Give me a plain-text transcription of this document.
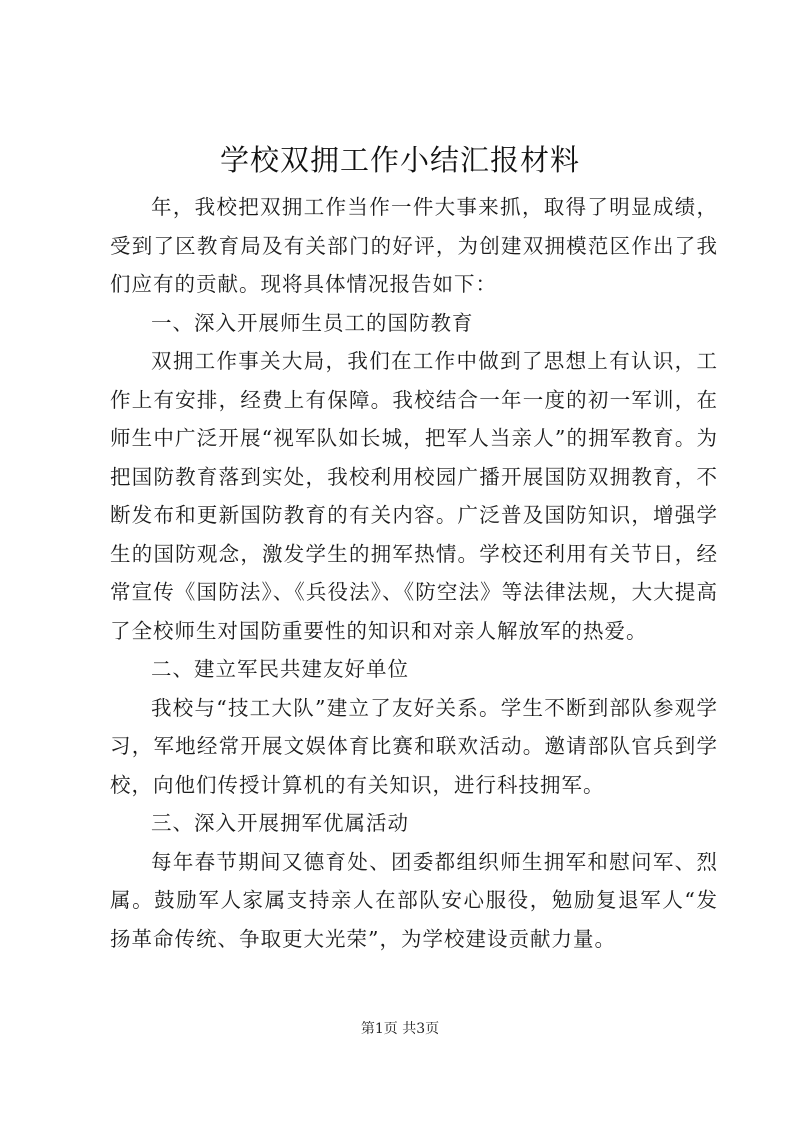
学校双拥工作小结汇报材料

年，我校把双拥工作当作一件大事来抓，取得了明显成绩，受到了区教育局及有关部门的好评，为创建双拥模范区作出了我们应有的贡献。现将具体情况报告如下：

一、深入开展师生员工的国防教育

双拥工作事关大局，我们在工作中做到了思想上有认识，工作上有安排，经费上有保障。我校结合一年一度的初一军训，在师生中广泛开展“视军队如长城，把军人当亲人”的拥军教育。为把国防教育落到实处，我校利用校园广播开展国防双拥教育，不断发布和更新国防教育的有关内容。广泛普及国防知识，增强学生的国防观念，激发学生的拥军热情。学校还利用有关节日，经常宣传《国防法》、《兵役法》、《防空法》等法律法规，大大提高了全校师生对国防重要性的知识和对亲人解放军的热爱。

二、建立军民共建友好单位

我校与“技工大队”建立了友好关系。学生不断到部队参观学习，军地经常开展文娱体育比赛和联欢活动。邀请部队官兵到学校，向他们传授计算机的有关知识，进行科技拥军。

三、深入开展拥军优属活动

每年春节期间又德育处、团委都组织师生拥军和慰问军、烈属。鼓励军人家属支持亲人在部队安心服役，勉励复退军人“发扬革命传统、争取更大光荣”，为学校建设贡献力量。

第1页 共3页
